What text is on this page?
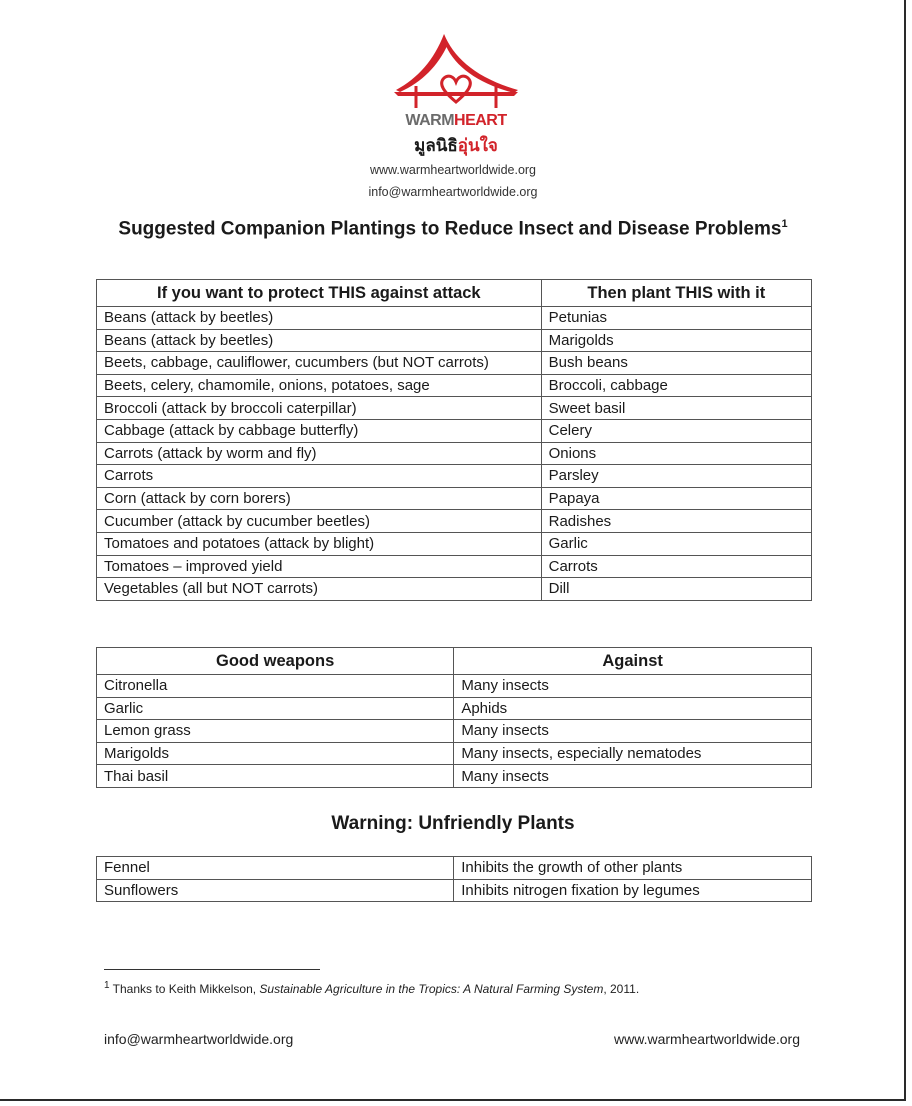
WARMHEART
มูลนิธิอุ่นใจ
www.warmheartworldwide.org
info@warmheartworldwide.org
Suggested Companion Plantings to Reduce Insect and Disease Problems$^1$
If you want to protect THIS against attack	Then plant THIS with it
Beans (attack by beetles)	Petunias
Beans (attack by beetles)	Marigolds
Beets, cabbage, cauliflower, cucumbers (but NOT carrots)	Bush beans
Beets, celery, chamomile, onions, potatoes, sage	Broccoli, cabbage
Broccoli (attack by broccoli caterpillar)	Sweet basil
Cabbage (attack by cabbage butterfly)	Celery
Carrots (attack by worm and fly)	Onions
Carrots	Parsley
Corn (attack by corn borers)	Papaya
Cucumber (attack by cucumber beetles)	Radishes
Tomatoes and potatoes (attack by blight)	Garlic
Tomatoes – improved yield	Carrots
Vegetables (all but NOT carrots)	Dill
Good weapons	Against
Citronella	Many insects
Garlic	Aphids
Lemon grass	Many insects
Marigolds	Many insects, especially nematodes
Thai basil	Many insects
Warning: Unfriendly Plants
Fennel	Inhibits the growth of other plants
Sunflowers	Inhibits nitrogen fixation by legumes
$^1$ Thanks to Keith Mikkelson, Sustainable Agriculture in the Tropics: A Natural Farming System, 2011.
info@warmheartworldwide.org	www.warmheartworldwide.org
